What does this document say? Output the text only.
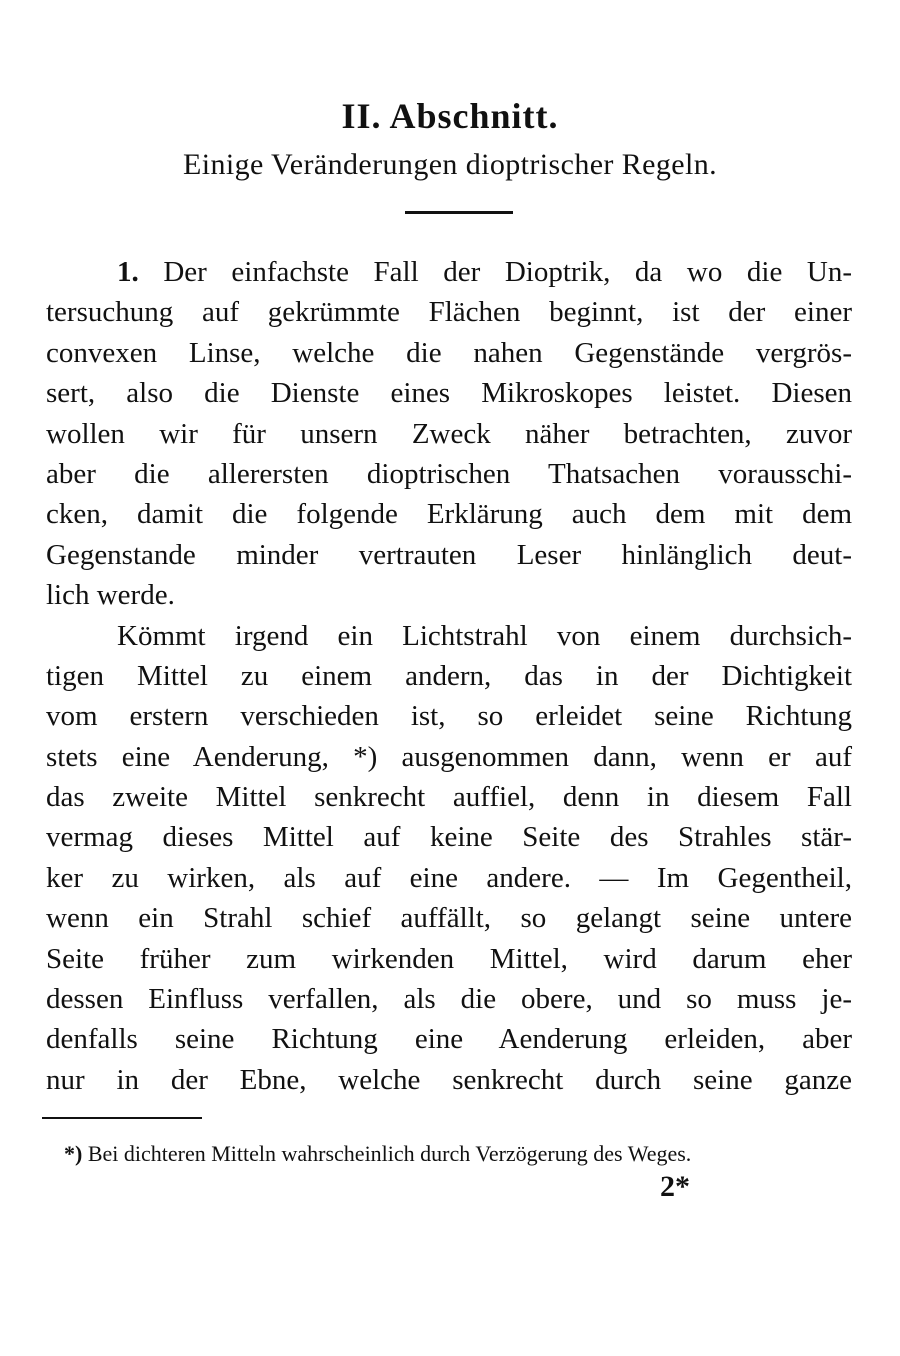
II. Abschnitt.
Einige Veränderungen dioptrischer Regeln.
1. Der einfachste Fall der Dioptrik, da wo die Un-
tersuchung auf gekrümmte Flächen beginnt, ist der einer
convexen Linse, welche die nahen Gegenstände vergrös-
sert, also die Dienste eines Mikroskopes leistet. Diesen
wollen wir für unsern Zweck näher betrachten, zuvor
aber die allerersten dioptrischen Thatsachen vorausschi-
cken, damit die folgende Erklärung auch dem mit dem
Gegenstande minder vertrauten Leser hinlänglich deut-
lich werde.
Kömmt irgend ein Lichtstrahl von einem durchsich-
tigen Mittel zu einem andern, das in der Dichtigkeit
vom erstern verschieden ist, so erleidet seine Richtung
stets eine Aenderung, *) ausgenommen dann, wenn er auf
das zweite Mittel senkrecht auffiel, denn in diesem Fall
vermag dieses Mittel auf keine Seite des Strahles stär-
ker zu wirken, als auf eine andere. — Im Gegentheil,
wenn ein Strahl schief auffällt, so gelangt seine untere
Seite früher zum wirkenden Mittel, wird darum eher
dessen Einfluss verfallen, als die obere, und so muss je-
denfalls seine Richtung eine Aenderung erleiden, aber
nur in der Ebne, welche senkrecht durch seine ganze
*) Bei dichteren Mitteln wahrscheinlich durch Verzögerung des Weges.
2*
